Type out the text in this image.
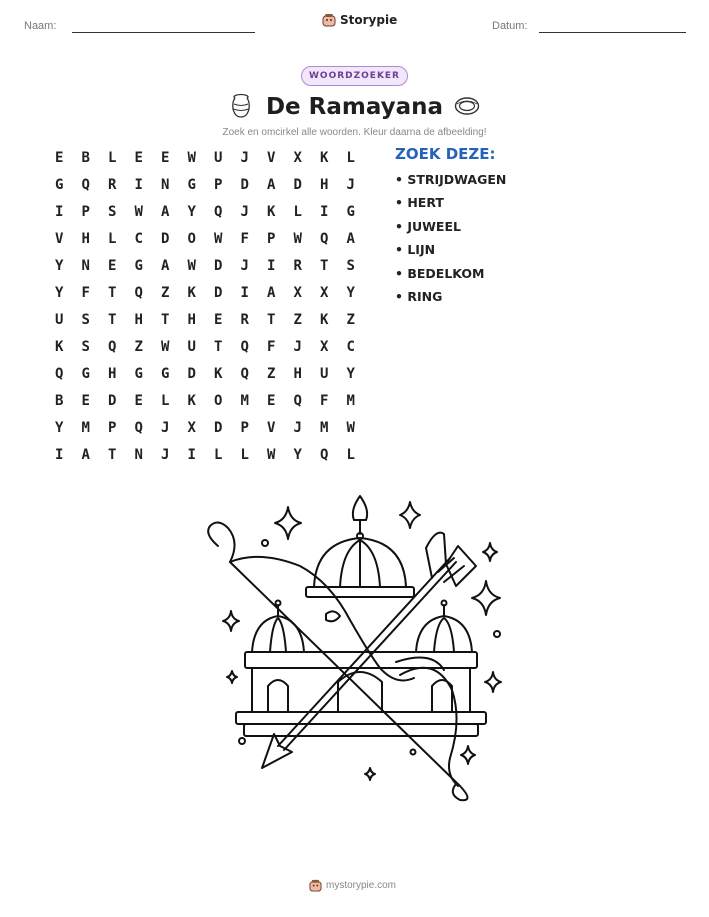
Naam:	Storypie	Datum:
WOORDZOEKER
De Ramayana
Zoek en omcirkel alle woorden. Kleur daarna de afbeelding!
E	B	L	E	E	W	U	J	V	X	K	L
G	Q	R	I	N	G	P	D	A	D	H	J
I	P	S	W	A	Y	Q	J	K	L	I	G
V	H	L	C	D	O	W	F	P	W	Q	A
Y	N	E	G	A	W	D	J	I	R	T	S
Y	F	T	Q	Z	K	D	I	A	X	X	Y
U	S	T	H	T	H	E	R	T	Z	K	Z
K	S	Q	Z	W	U	T	Q	F	J	X	C
Q	G	H	G	G	D	K	Q	Z	H	U	Y
B	E	D	E	L	K	O	M	E	Q	F	M
Y	M	P	Q	J	X	D	P	V	J	M	W
I	A	T	N	J	I	L	L	W	Y	Q	L
ZOEK DEZE:
• STRIJDWAGEN
• HERT
• JUWEEL
• LIJN
• BEDELKOM
• RING
mystorypie.com
